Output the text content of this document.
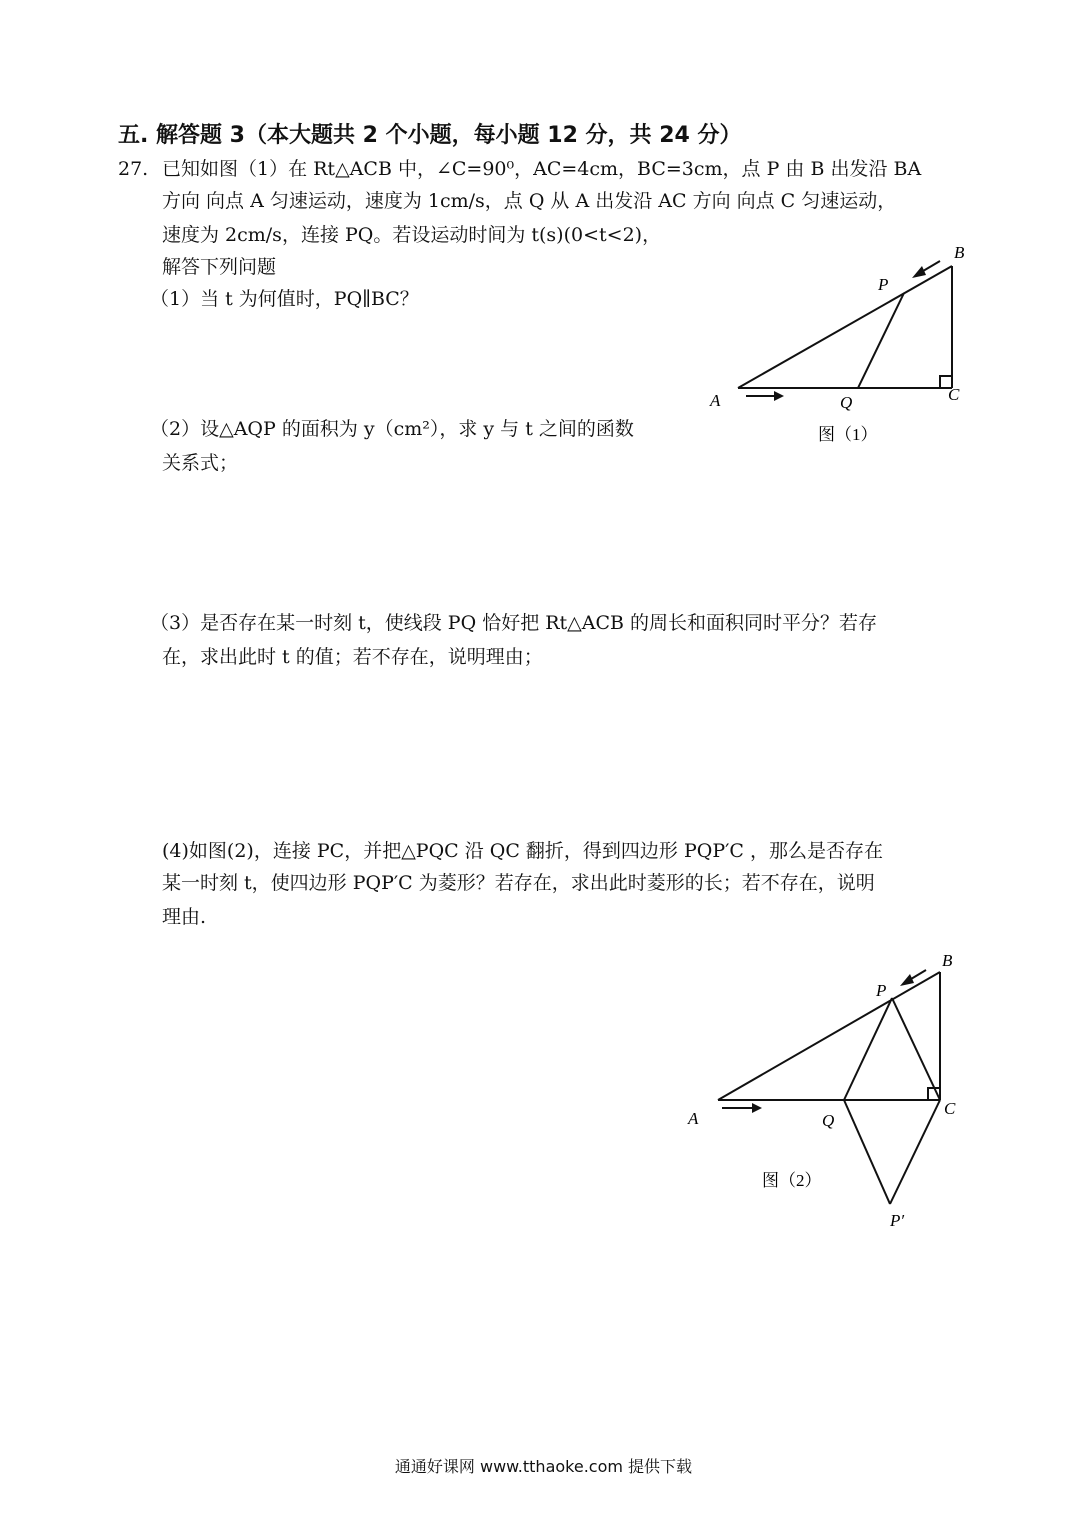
五. 解答题 3（本大题共 2 个小题，每小题 12 分，共 24 分）
27. 已知如图（1）在 Rt△ACB 中，∠C=90⁰，AC=4cm，BC=3cm，点 P 由 B 出发沿 BA
方向 向点 A 匀速运动，速度为 1cm/s，点 Q 从 A 出发沿 AC 方向 向点 C 匀速运动，
速度为 2cm/s，连接 PQ。若设运动时间为 t(s)(0<t<2)，
解答下列问题
（1）当 t 为何值时，PQ∥BC？
（2）设△AQP 的面积为 y（cm²），求 y 与 t 之间的函数
关系式；
（3）是否存在某一时刻 t，使线段 PQ 恰好把 Rt△ACB 的周长和面积同时平分？若存
在，求出此时 t 的值；若不存在，说明理由；
(4)如图(2)，连接 PC，并把△PQC 沿 QC 翻折，得到四边形 PQP′C ，那么是否存在
某一时刻 t，使四边形 PQP′C 为菱形？若存在，求出此时菱形的长；若不存在，说明
理由.
B
P
A	Q	C
图（1）
B
P
A	Q
C
P′
图（2）
通通好课网 www.tthaoke.com 提供下载
